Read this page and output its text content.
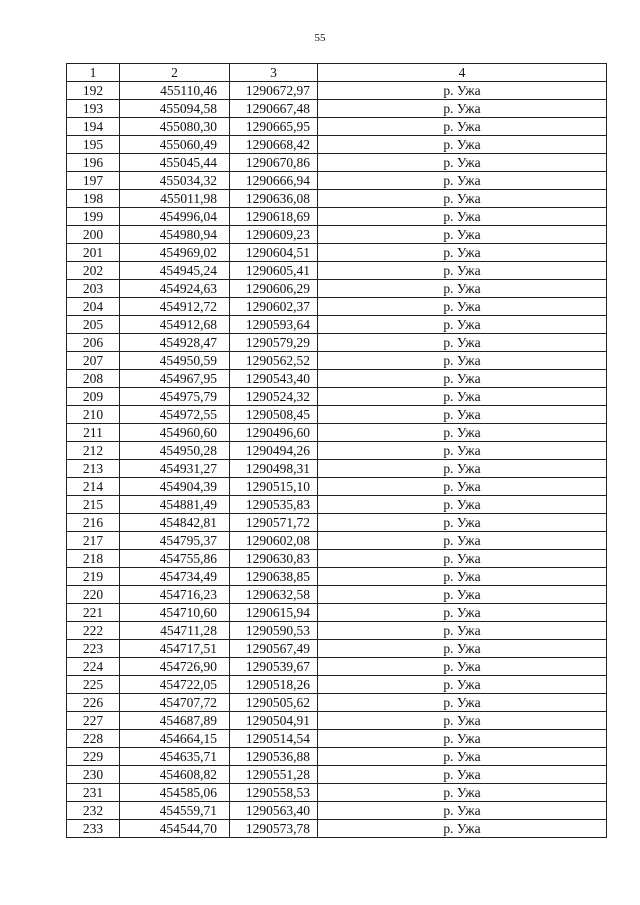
55
1	2	3	4
192	455110,46	1290672,97	р. Ужа
193	455094,58	1290667,48	р. Ужа
194	455080,30	1290665,95	р. Ужа
195	455060,49	1290668,42	р. Ужа
196	455045,44	1290670,86	р. Ужа
197	455034,32	1290666,94	р. Ужа
198	455011,98	1290636,08	р. Ужа
199	454996,04	1290618,69	р. Ужа
200	454980,94	1290609,23	р. Ужа
201	454969,02	1290604,51	р. Ужа
202	454945,24	1290605,41	р. Ужа
203	454924,63	1290606,29	р. Ужа
204	454912,72	1290602,37	р. Ужа
205	454912,68	1290593,64	р. Ужа
206	454928,47	1290579,29	р. Ужа
207	454950,59	1290562,52	р. Ужа
208	454967,95	1290543,40	р. Ужа
209	454975,79	1290524,32	р. Ужа
210	454972,55	1290508,45	р. Ужа
211	454960,60	1290496,60	р. Ужа
212	454950,28	1290494,26	р. Ужа
213	454931,27	1290498,31	р. Ужа
214	454904,39	1290515,10	р. Ужа
215	454881,49	1290535,83	р. Ужа
216	454842,81	1290571,72	р. Ужа
217	454795,37	1290602,08	р. Ужа
218	454755,86	1290630,83	р. Ужа
219	454734,49	1290638,85	р. Ужа
220	454716,23	1290632,58	р. Ужа
221	454710,60	1290615,94	р. Ужа
222	454711,28	1290590,53	р. Ужа
223	454717,51	1290567,49	р. Ужа
224	454726,90	1290539,67	р. Ужа
225	454722,05	1290518,26	р. Ужа
226	454707,72	1290505,62	р. Ужа
227	454687,89	1290504,91	р. Ужа
228	454664,15	1290514,54	р. Ужа
229	454635,71	1290536,88	р. Ужа
230	454608,82	1290551,28	р. Ужа
231	454585,06	1290558,53	р. Ужа
232	454559,71	1290563,40	р. Ужа
233	454544,70	1290573,78	р. Ужа
